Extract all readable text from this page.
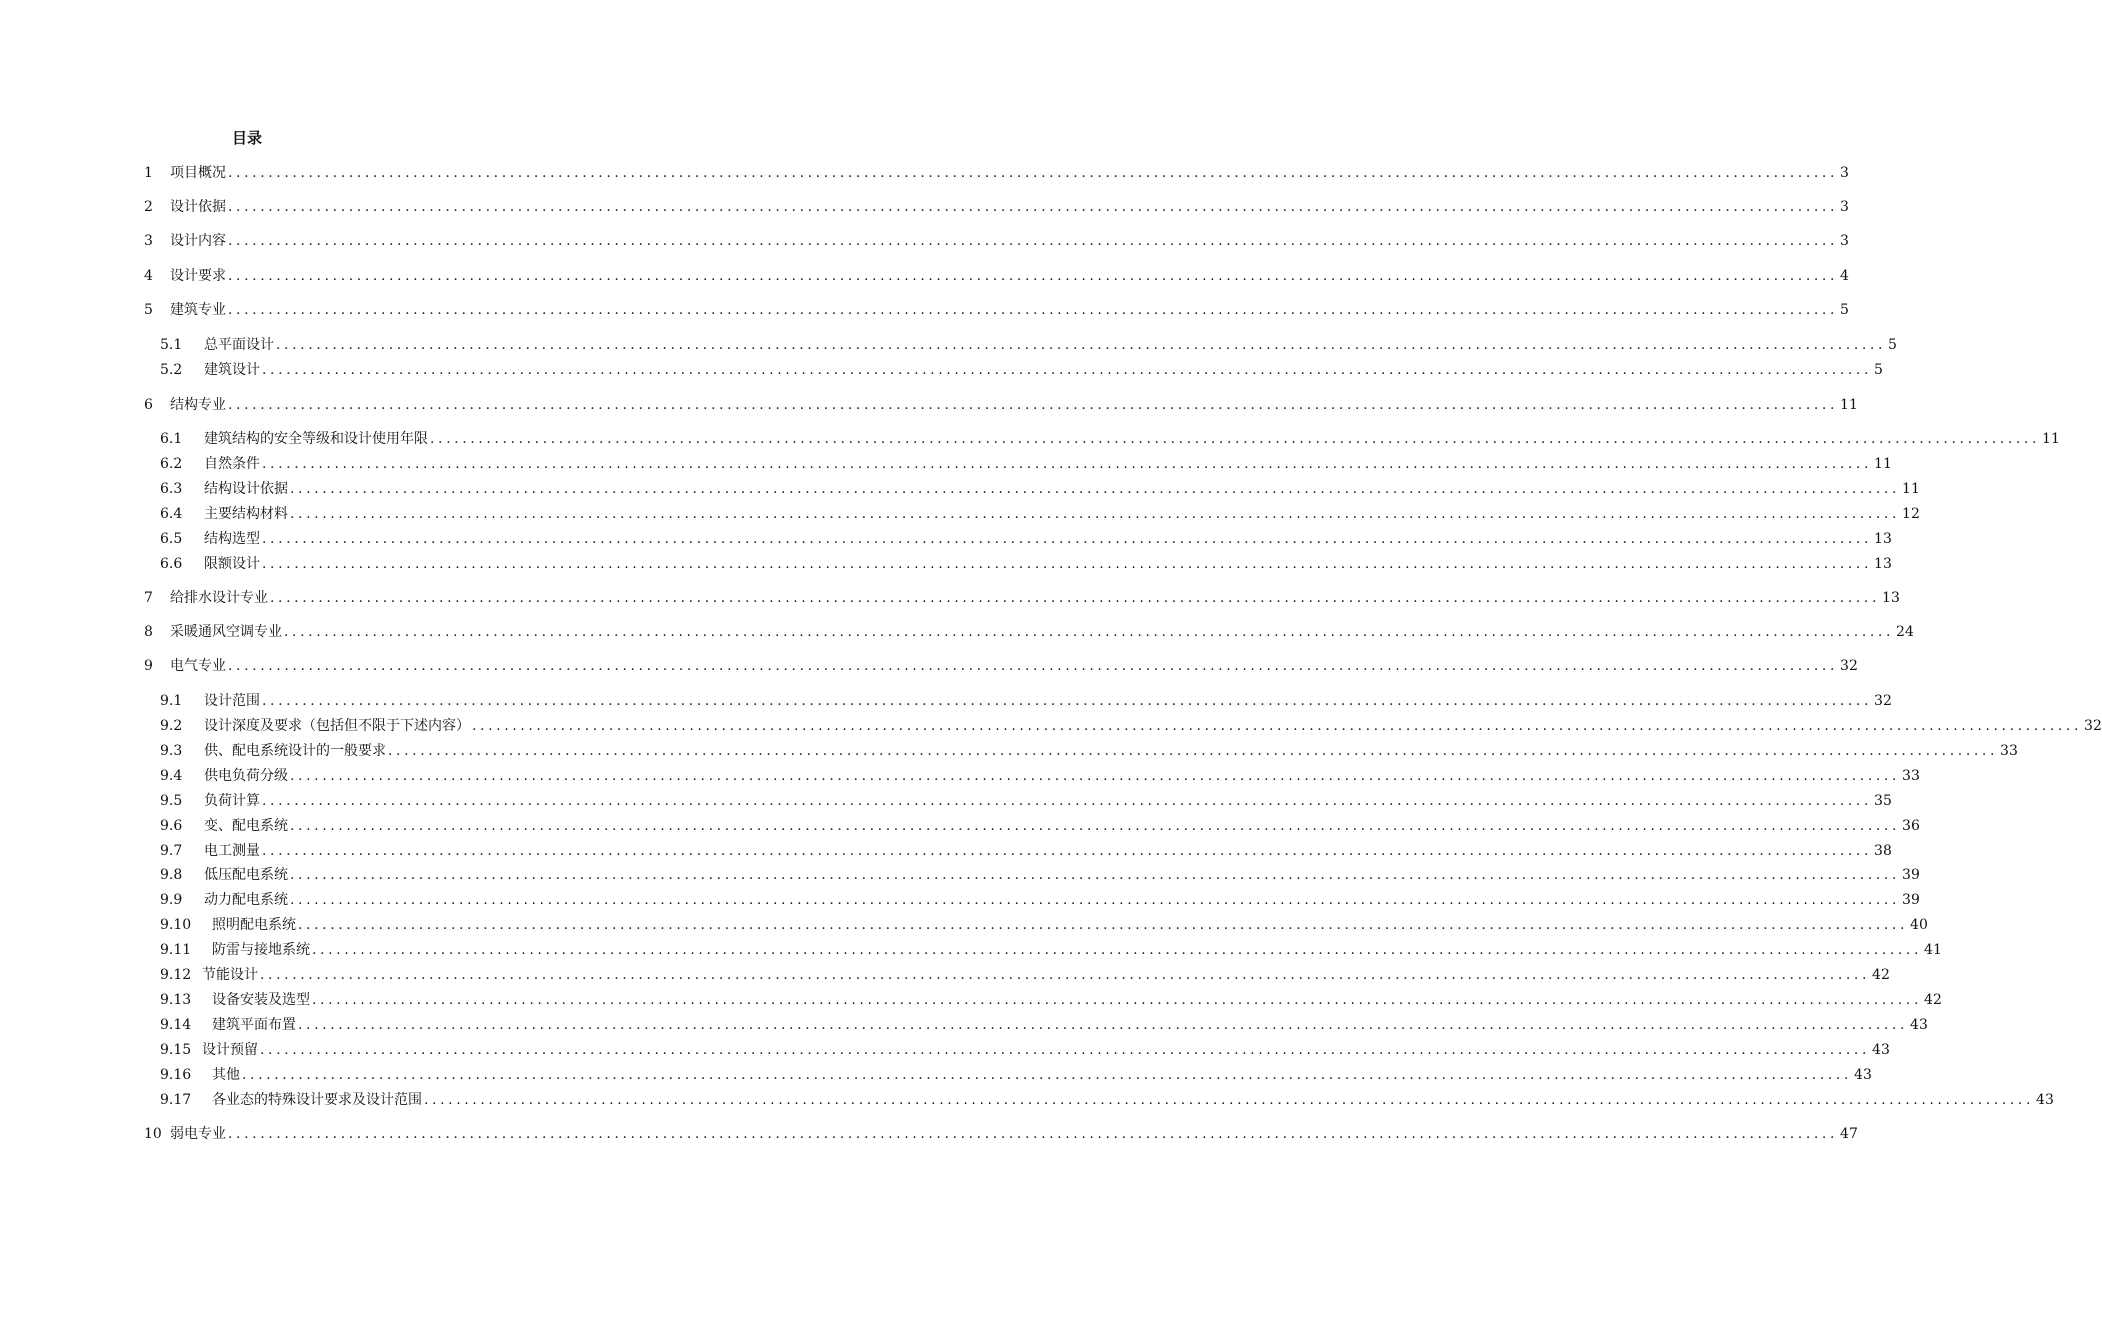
目录
1	项目概况 ........................................................................................................................................................................................................ 3
2	设计依据 ........................................................................................................................................................................................................ 3
3	设计内容 ........................................................................................................................................................................................................ 3
4	设计要求 ........................................................................................................................................................................................................ 4
5	建筑专业 ........................................................................................................................................................................................................ 5
5.1	总平面设计 ........................................................................................................................................................................................................ 5
5.2	建筑设计 ........................................................................................................................................................................................................ 5
6	结构专业 ........................................................................................................................................................................................................ 11
6.1	建筑结构的安全等级和设计使用年限 ........................................................................................................................................................................................................ 11
6.2	自然条件 ........................................................................................................................................................................................................ 11
6.3	结构设计依据 ........................................................................................................................................................................................................ 11
6.4	主要结构材料 ........................................................................................................................................................................................................ 12
6.5	结构选型 ........................................................................................................................................................................................................ 13
6.6	限额设计 ........................................................................................................................................................................................................ 13
7	给排水设计专业 ........................................................................................................................................................................................................ 13
8	采暖通风空调专业 ........................................................................................................................................................................................................ 24
9	电气专业 ........................................................................................................................................................................................................ 32
9.1	设计范围 ........................................................................................................................................................................................................ 32
9.2	设计深度及要求（包括但不限于下述内容） ........................................................................................................................................................................................................ 32
9.3	供、配电系统设计的一般要求 ........................................................................................................................................................................................................ 33
9.4	供电负荷分级 ........................................................................................................................................................................................................ 33
9.5	负荷计算 ........................................................................................................................................................................................................ 35
9.6	变、配电系统 ........................................................................................................................................................................................................ 36
9.7	电工测量 ........................................................................................................................................................................................................ 38
9.8	低压配电系统 ........................................................................................................................................................................................................ 39
9.9	动力配电系统 ........................................................................................................................................................................................................ 39
9.10	照明配电系统 ........................................................................................................................................................................................................ 40
9.11	防雷与接地系统 ........................................................................................................................................................................................................ 41
9.12 节能设计 ........................................................................................................................................................................................................ 42
9.13	设备安装及选型 ........................................................................................................................................................................................................ 42
9.14	建筑平面布置 ........................................................................................................................................................................................................ 43
9.15 设计预留 ........................................................................................................................................................................................................ 43
9.16	其他 ........................................................................................................................................................................................................ 43
9.17	各业态的特殊设计要求及设计范围 ........................................................................................................................................................................................................ 43
10 弱电专业 ........................................................................................................................................................................................................ 47
